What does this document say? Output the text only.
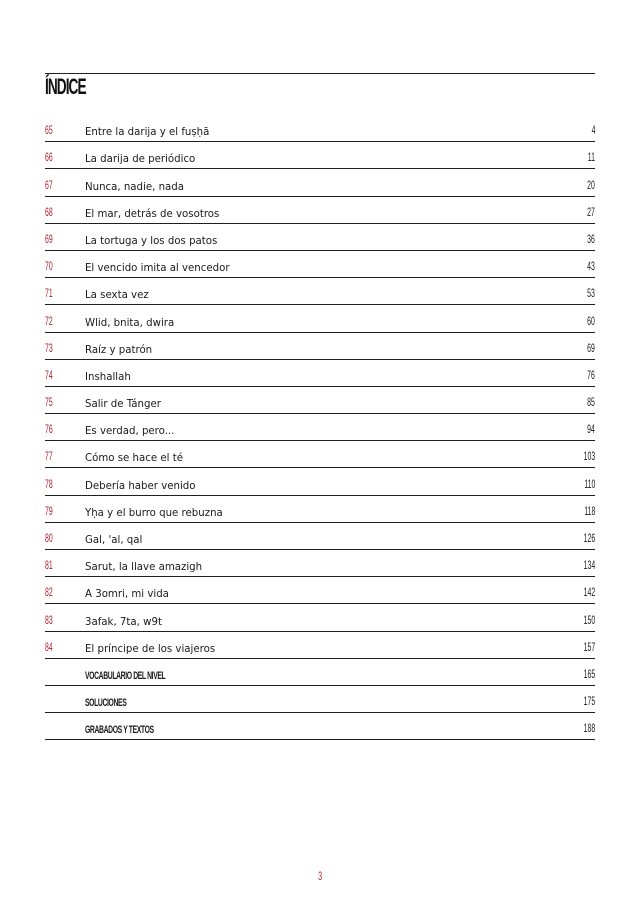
ÍNDICE
65	Entre la darija y el fuṣḥā	4
66	La darija de periódico	11
67	Nunca, nadie, nada	20
68	El mar, detrás de vosotros	27
69	La tortuga y los dos patos	36
70	El vencido imita al vencedor	43
71	La sexta vez	53
72	Wlid, bnita, dwira	60
73	Raíz y patrón	69
74	Inshallah	76
75	Salir de Tánger	85
76	Es verdad, pero...	94
77	Cómo se hace el té	103
78	Debería haber venido	110
79	Yḥa y el burro que rebuzna	118
80	Gal, 'al, qal	126
81	Sarut, la llave amazigh	134
82	A 3omri, mi vida	142
83	3afak, 7ta, w9t	150
84	El príncipe de los viajeros	157
VOCABULARIO DEL NIVEL	165
SOLUCIONES	175
GRABADOS Y TEXTOS	188
3
